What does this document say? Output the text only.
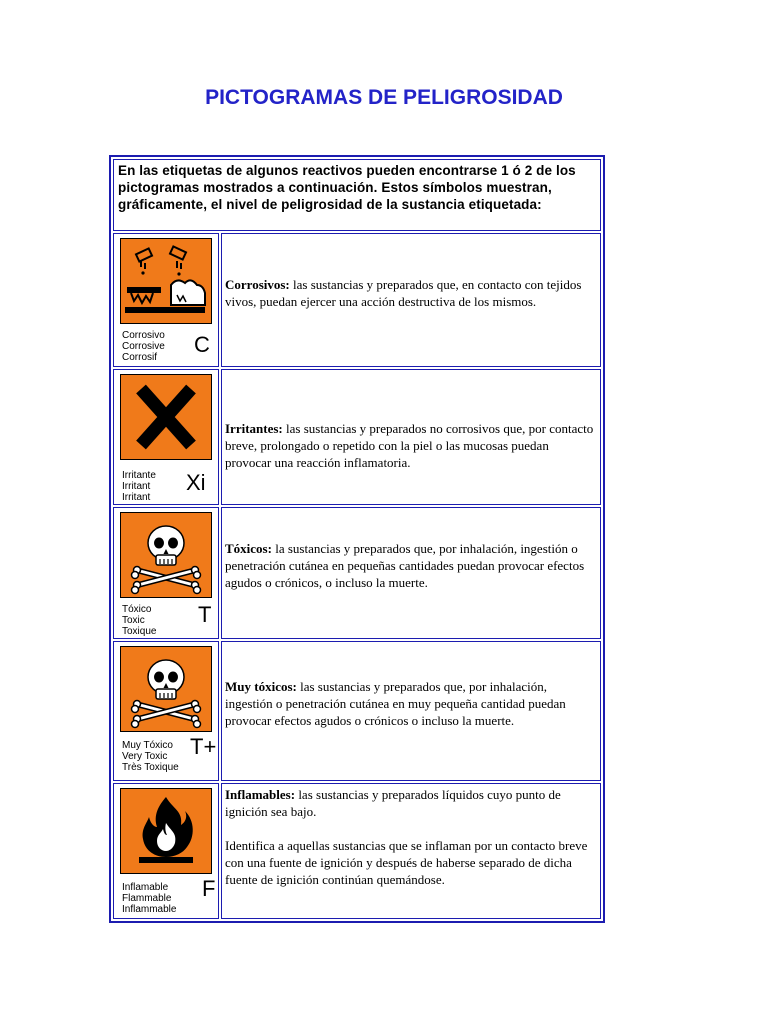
PICTOGRAMAS DE PELIGROSIDAD
En las etiquetas de algunos reactivos pueden encontrarse 1 ó 2 de los pictogramas mostrados a continuación. Estos símbolos muestran, gráficamente, el nivel de peligrosidad de la sustancia etiquetada:
Corrosivo
Corrosive
Corrosif
C

Corrosivos: las sustancias y preparados que, en contacto con tejidos vivos, puedan ejercer una acción destructiva de los mismos.

Irritante
Irritant
Irritant
Xi

Irritantes: las sustancias y preparados no corrosivos que, por contacto breve, prolongado o repetido con la piel o las mucosas puedan provocar una reacción inflamatoria.

Tóxico
Toxic
Toxique
T

Tóxicos: la sustancias y preparados que, por inhalación, ingestión o penetración cutánea en pequeñas cantidades puedan provocar efectos agudos o crónicos, o incluso la muerte.

Muy Tóxico
Very Toxic
Très Toxique
T+

Muy tóxicos: las sustancias y preparados que, por inhalación, ingestión o penetración cutánea en muy pequeña cantidad puedan provocar efectos agudos o crónicos o incluso la muerte.

Inflamable
Flammable
Inflammable
F

Inflamables: las sustancias y preparados líquidos cuyo punto de ignición sea bajo.

Identifica a aquellas sustancias que se inflaman por un contacto breve con una fuente de ignición y después de haberse separado de dicha fuente de ignición continúan quemándose.
